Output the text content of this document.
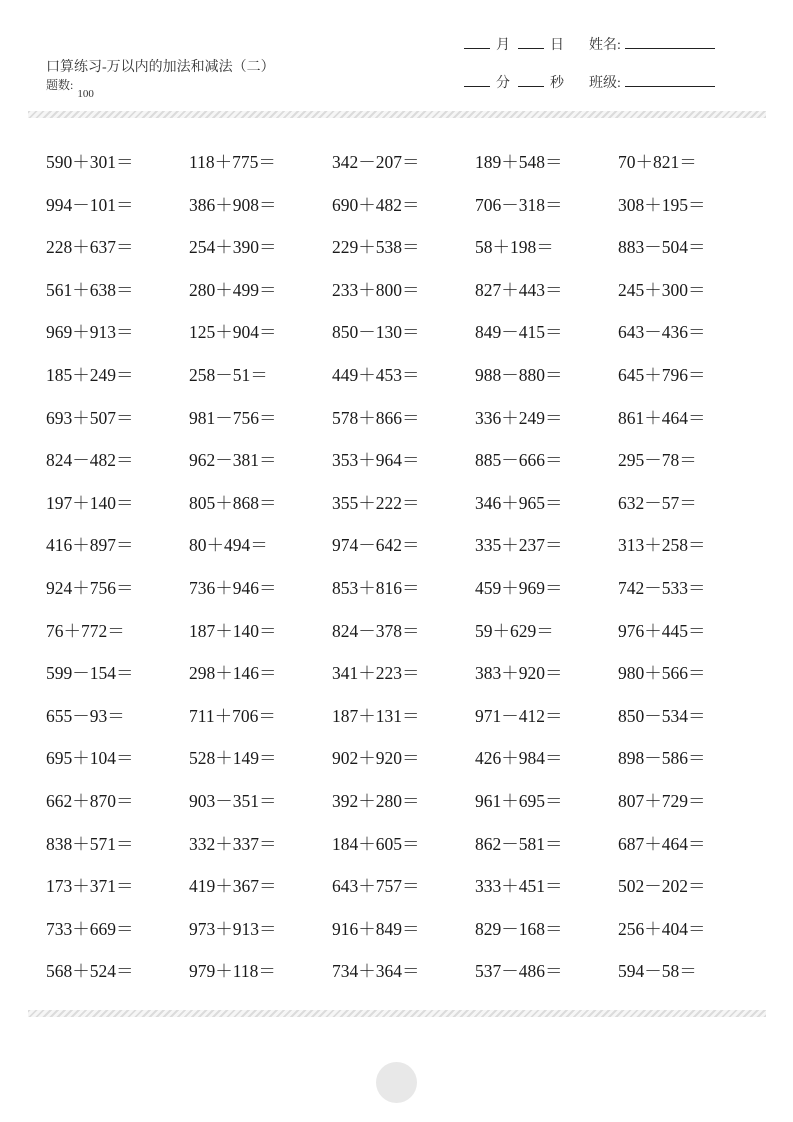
口算练习-万以内的加法和减法（二）
题数:100
月	日
分	秒
姓名:
班级:
590＋301＝	118＋775＝	342－207＝	189＋548＝	70＋821＝
994－101＝	386＋908＝	690＋482＝	706－318＝	308＋195＝
228＋637＝	254＋390＝	229＋538＝	58＋198＝	883－504＝
561＋638＝	280＋499＝	233＋800＝	827＋443＝	245＋300＝
969＋913＝	125＋904＝	850－130＝	849－415＝	643－436＝
185＋249＝	258－51＝	449＋453＝	988－880＝	645＋796＝
693＋507＝	981－756＝	578＋866＝	336＋249＝	861＋464＝
824－482＝	962－381＝	353＋964＝	885－666＝	295－78＝
197＋140＝	805＋868＝	355＋222＝	346＋965＝	632－57＝
416＋897＝	80＋494＝	974－642＝	335＋237＝	313＋258＝
924＋756＝	736＋946＝	853＋816＝	459＋969＝	742－533＝
76＋772＝	187＋140＝	824－378＝	59＋629＝	976＋445＝
599－154＝	298＋146＝	341＋223＝	383＋920＝	980＋566＝
655－93＝	711＋706＝	187＋131＝	971－412＝	850－534＝
695＋104＝	528＋149＝	902＋920＝	426＋984＝	898－586＝
662＋870＝	903－351＝	392＋280＝	961＋695＝	807＋729＝
838＋571＝	332＋337＝	184＋605＝	862－581＝	687＋464＝
173＋371＝	419＋367＝	643＋757＝	333＋451＝	502－202＝
733＋669＝	973＋913＝	916＋849＝	829－168＝	256＋404＝
568＋524＝	979＋118＝	734＋364＝	537－486＝	594－58＝
